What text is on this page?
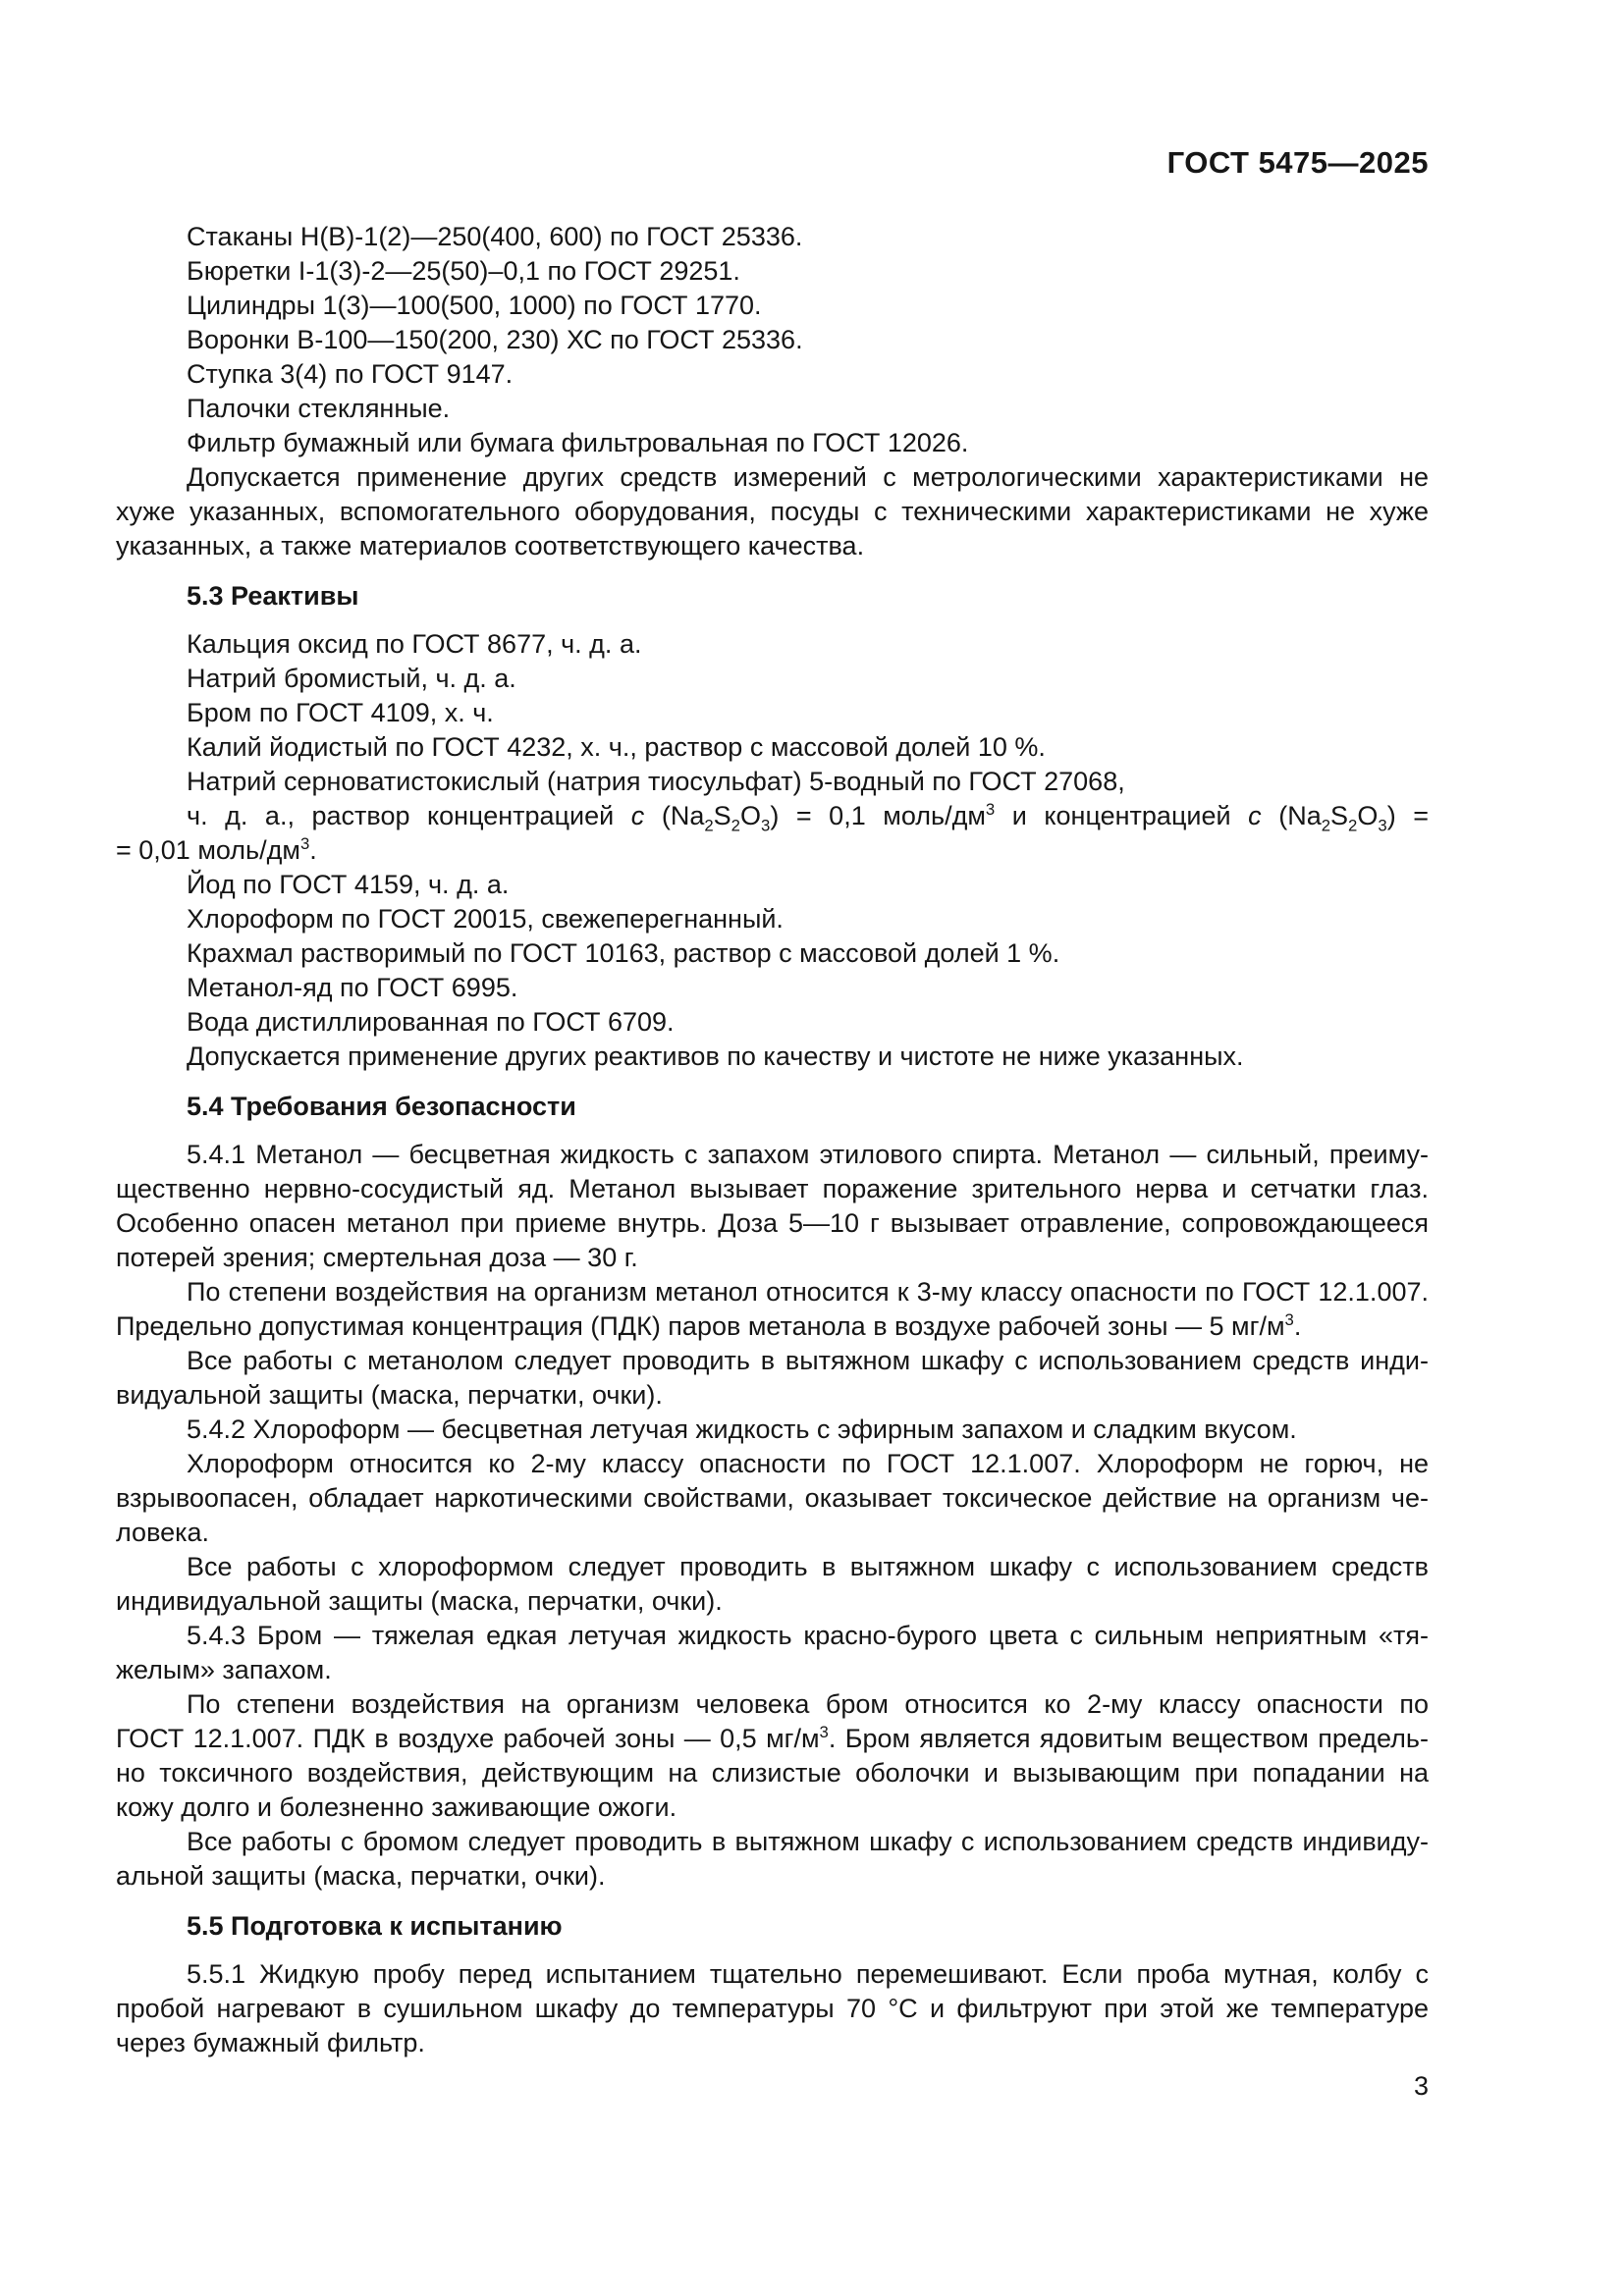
ГОСТ 5475—2025
Стаканы Н(В)-1(2)—250(400, 600) по ГОСТ 25336.
Бюретки I-1(3)-2—25(50)–0,1 по ГОСТ 29251.
Цилиндры 1(3)—100(500, 1000) по ГОСТ 1770.
Воронки В-100—150(200, 230) ХС по ГОСТ 25336.
Ступка 3(4) по ГОСТ 9147.
Палочки стеклянные.
Фильтр бумажный или бумага фильтровальная по ГОСТ 12026.
Допускается применение других средств измерений с метрологическими характеристиками не
хуже указанных, вспомогательного оборудования, посуды с техническими характеристиками не хуже
указанных, а также материалов соответствующего качества.
5.3 Реактивы
Кальция оксид по ГОСТ 8677, ч. д. а.
Натрий бромистый, ч. д. а.
Бром по ГОСТ 4109, х. ч.
Калий йодистый по ГОСТ 4232, х. ч., раствор с массовой долей 10 %.
Натрий серноватистокислый (натрия тиосульфат) 5-водный по ГОСТ 27068,
ч. д. а., раствор концентрацией c $(Na_2S_2O_3) = 0,1$ моль/$дм^3$ и концентрацией c $(Na_2S_2O_3)$ =
= 0,01 моль/$дм^3$.
Йод по ГОСТ 4159, ч. д. а.
Хлороформ по ГОСТ 20015, свежеперегнанный.
Крахмал растворимый по ГОСТ 10163, раствор с массовой долей 1 %.
Метанол-яд по ГОСТ 6995.
Вода дистиллированная по ГОСТ 6709.
Допускается применение других реактивов по качеству и чистоте не ниже указанных.
5.4 Требования безопасности
5.4.1 Метанол — бесцветная жидкость с запахом этилового спирта. Метанол — сильный, преиму-
щественно нервно-сосудистый яд. Метанол вызывает поражение зрительного нерва и сетчатки глаз.
Особенно опасен метанол при приеме внутрь. Доза 5—10 г вызывает отравление, сопровождающееся
потерей зрения; смертельная доза — 30 г.
По степени воздействия на организм метанол относится к 3-му классу опасности по ГОСТ 12.1.007.
Предельно допустимая концентрация (ПДК) паров метанола в воздухе рабочей зоны — 5 $мг/м^3$.
Все работы с метанолом следует проводить в вытяжном шкафу с использованием средств инди-
видуальной защиты (маска, перчатки, очки).
5.4.2 Хлороформ — бесцветная летучая жидкость с эфирным запахом и сладким вкусом.
Хлороформ относится ко 2-му классу опасности по ГОСТ 12.1.007. Хлороформ не горюч, не
взрывоопасен, обладает наркотическими свойствами, оказывает токсическое действие на организм че-
ловека.
Все работы с хлороформом следует проводить в вытяжном шкафу с использованием средств
индивидуальной защиты (маска, перчатки, очки).
5.4.3 Бром — тяжелая едкая летучая жидкость красно-бурого цвета с сильным неприятным «тя-
желым» запахом.
По степени воздействия на организм человека бром относится ко 2-му классу опасности по
ГОСТ 12.1.007. ПДК в воздухе рабочей зоны — 0,5 $мг/м^3$. Бром является ядовитым веществом предель-
но токсичного воздействия, действующим на слизистые оболочки и вызывающим при попадании на
кожу долго и болезненно заживающие ожоги.
Все работы с бромом следует проводить в вытяжном шкафу с использованием средств индивиду-
альной защиты (маска, перчатки, очки).
5.5 Подготовка к испытанию
5.5.1 Жидкую пробу перед испытанием тщательно перемешивают. Если проба мутная, колбу с
пробой нагревают в сушильном шкафу до температуры 70 °С и фильтруют при этой же температуре
через бумажный фильтр.
3
